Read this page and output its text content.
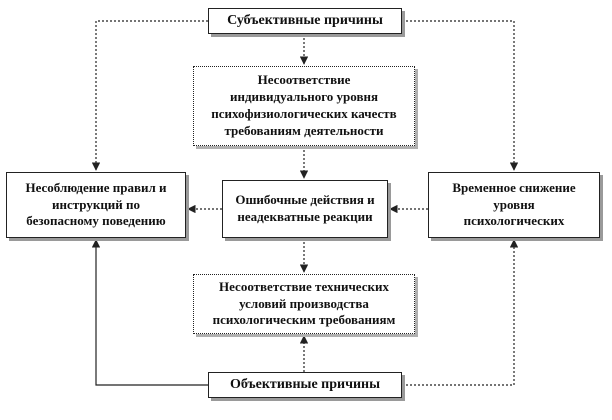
Субъективные причины
Несоответствие
индивидуального уровня
психофизиологических качеств
требованиям деятельности
Ошибочные действия и
неадекватные реакции
Несоответствие технических
условий производства
психологическим требованиям
Несоблюдение правил и
инструкций по
безопасному поведению
Временное снижение
уровня
психологических
Объективные причины
